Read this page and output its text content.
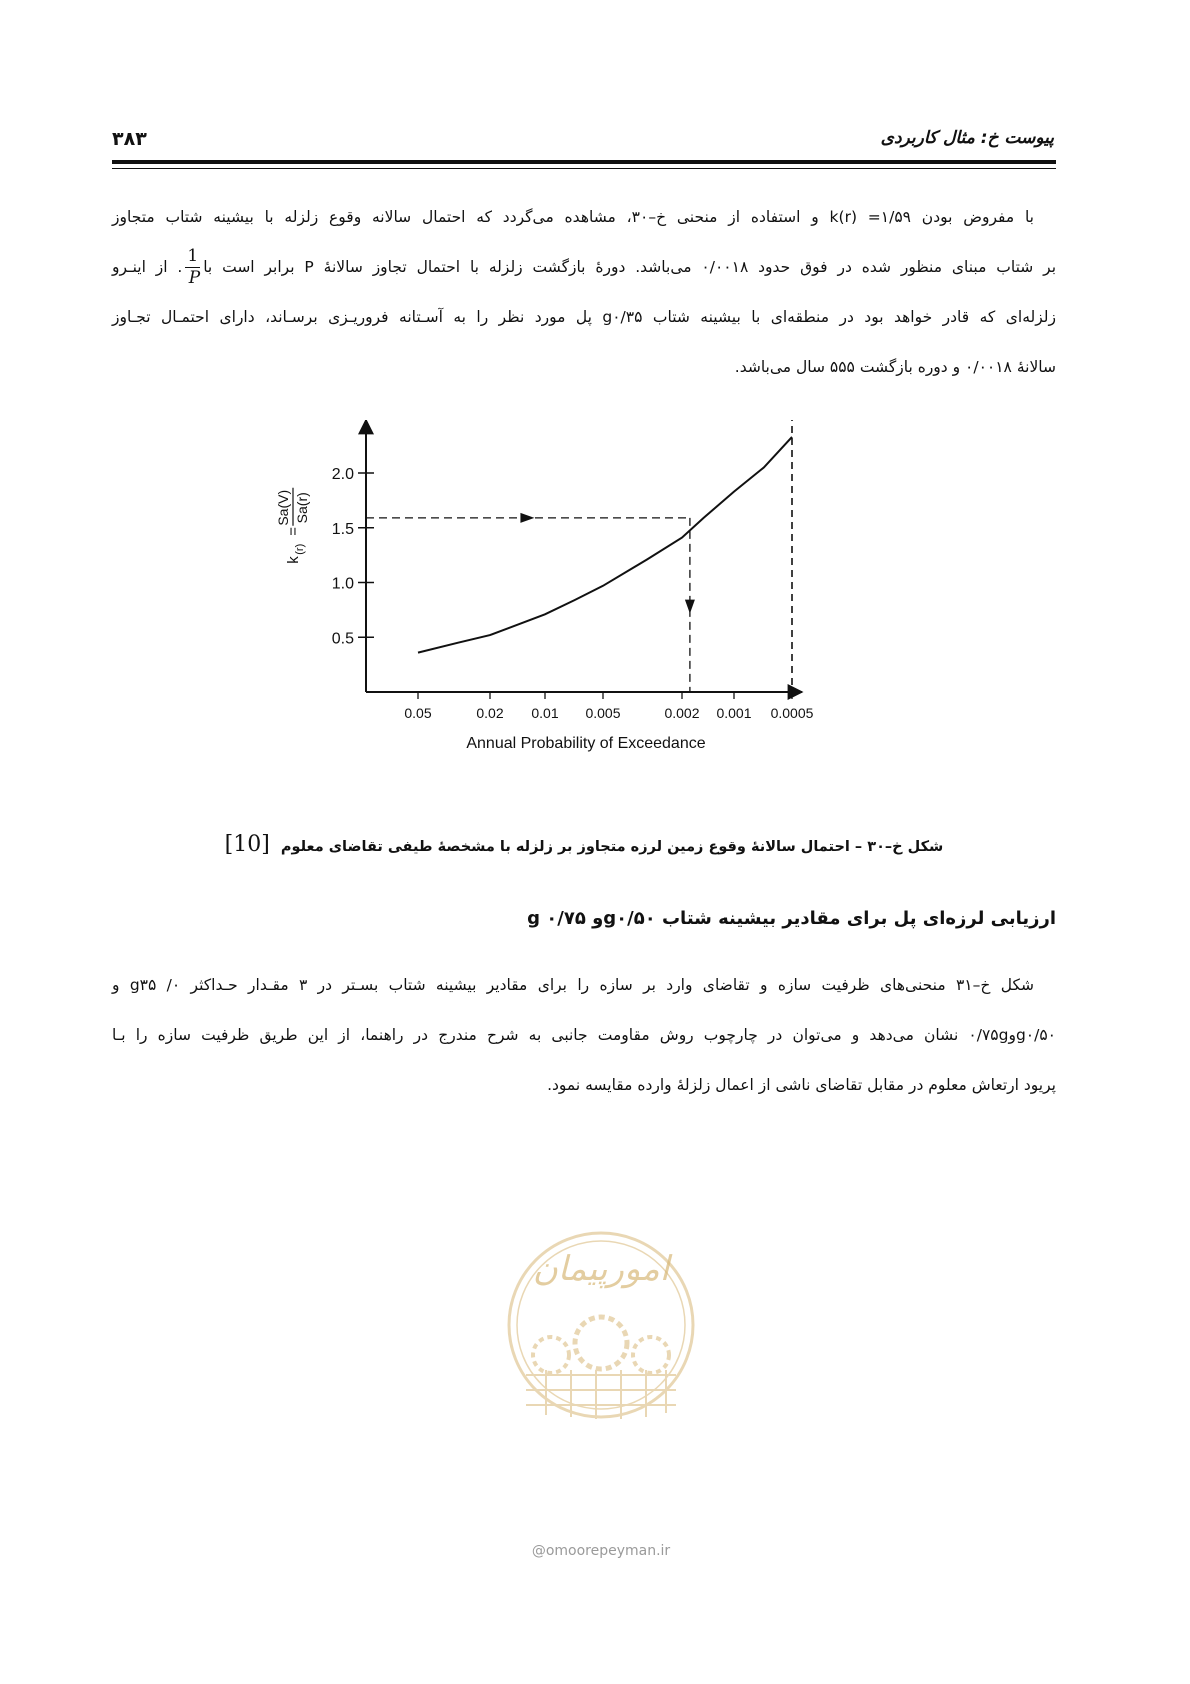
پیوست خ: مثال کاربردی
۳۸۳
با مفروض بودن k(r) =۱/۵۹ و استفاده از منحنی خ–۳۰، مشاهده می‌گردد که احتمال سالانه وقوع زلزله با بیشینه شتاب متجاوز
بر شتاب مبنای منظور شده در فوق حدود ۰/۰۰۱۸ می‌باشد. دورهٔ بازگشت زلزله با احتمال تجاوز سالانهٔ P برابر است با
$\frac{1}{P}$
. از اینـرو
زلزله‌ای که قادر خواهد بود در منطقه‌ای با بیشینه شتاب g۰/۳۵ پل مورد نظر را به آسـتانه فروریـزی برسـاند، دارای احتمـال تجـاوز
سالانهٔ ۰/۰۰۱۸ و دوره بازگشت ۵۵۵ سال می‌باشد.
0.5
1.0
1.5
2.0
0.05	0.02 0.01 0.005	0.002 0.001 0.0005
Annual Probability of Exceedance
k
(r)
=
Sa(V) Sa(r)
شکل خ–۳۰ – احتمال سالانهٔ وقوع زمین لرزه متجاوز بر زلزله با مشخصهٔ طیفی تقاضای معلوم [10]
ارزیابی لرزه‌ای پل برای مقادیر بیشینه شتاب g۰/۵۰و g ۰/۷۵
شکل خ–۳۱ منحنی‌های ظرفیت سازه و تقاضای وارد بر سازه را برای مقادیر بیشینه شتاب بسـتر در ۳ مقـدار حـداکثر g۳۵ /۰ و
g۰/۵۰و۰/۷۵g نشان می‌دهد و می‌توان در چارچوب روش مقاومت جانبی به شرح مندرج در راهنما، از این طریق ظرفیت سازه را بـا
پریود ارتعاش معلوم در مقابل تقاضای ناشی از اعمال زلزلهٔ وارده مقایسه نمود.
امورپیمان
@omoorepeyman.ir
